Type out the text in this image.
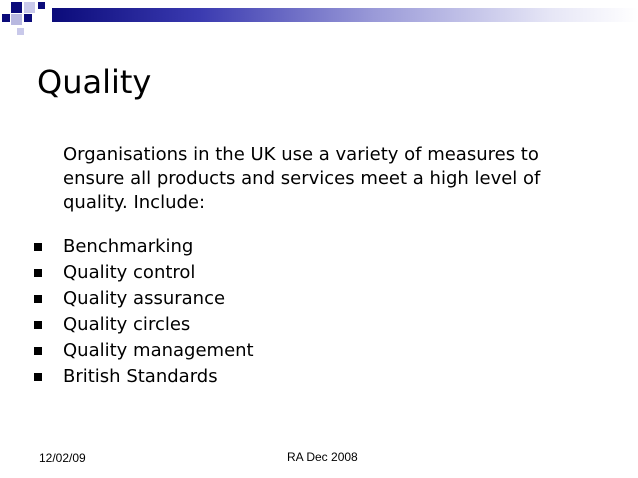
Quality

Organisations in the UK use a variety of measures to ensure all products and services meet a high level of quality. Include:

Benchmarking
Quality control
Quality assurance
Quality circles
Quality management
British Standards
12/02/09	RA Dec 2008
